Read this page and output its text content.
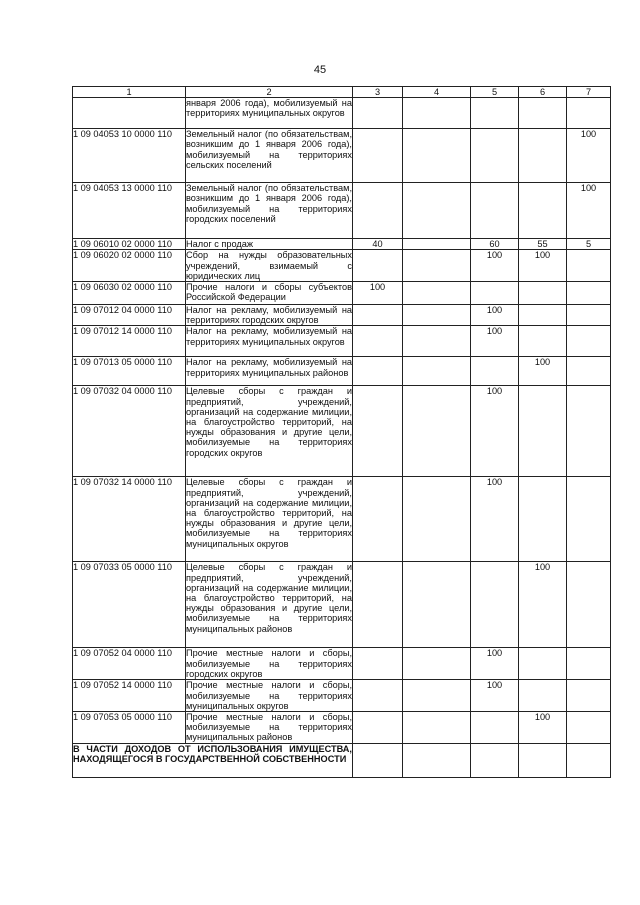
45
1	2	3	4	5	6	7
	января 2006 года), мобилизуемый на территориях муниципальных округов					
1 09 04053 10 0000 110	Земельный налог (по обязательствам, возникшим до 1 января 2006 года), мобилизуемый на территориях сельских поселений					100
1 09 04053 13 0000 110	Земельный налог (по обязательствам, возникшим до 1 января 2006 года), мобилизуемый на территориях городских поселений					100
1 09 06010 02 0000 110	Налог с продаж	40		60	55	5
1 09 06020 02 0000 110	Сбор на нужды образовательных учреждений, взимаемый с юридических лиц			100	100	
1 09 06030 02 0000 110	Прочие налоги и сборы субъектов Российской Федерации	100				
1 09 07012 04 0000 110	Налог на рекламу, мобилизуемый на территориях городских округов			100		
1 09 07012 14 0000 110	Налог на рекламу, мобилизуемый на территориях муниципальных округов			100		
1 09 07013 05 0000 110	Налог на рекламу, мобилизуемый на территориях муниципальных районов				100	
1 09 07032 04 0000 110	Целевые сборы с граждан и предприятий, учреждений, организаций на содержание милиции, на благоустройство территорий, на нужды образования и другие цели, мобилизуемые на территориях городских округов			100		
1 09 07032 14 0000 110	Целевые сборы с граждан и предприятий, учреждений, организаций на содержание милиции, на благоустройство территорий, на нужды образования и другие цели, мобилизуемые на территориях муниципальных округов			100		
1 09 07033 05 0000 110	Целевые сборы с граждан и предприятий, учреждений, организаций на содержание милиции, на благоустройство территорий, на нужды образования и другие цели, мобилизуемые на территориях муниципальных районов				100	
1 09 07052 04 0000 110	Прочие местные налоги и сборы, мобилизуемые на территориях городских округов			100		
1 09 07052 14 0000 110	Прочие местные налоги и сборы, мобилизуемые на территориях муниципальных округов			100		
1 09 07053 05 0000 110	Прочие местные налоги и сборы, мобилизуемые на территориях муниципальных районов				100	
В ЧАСТИ ДОХОДОВ ОТ ИСПОЛЬЗОВАНИЯ ИМУЩЕСТВА, НАХОДЯЩЕГОСЯ В ГОСУДАРСТВЕННОЙ СОБСТВЕННОСТИ						
